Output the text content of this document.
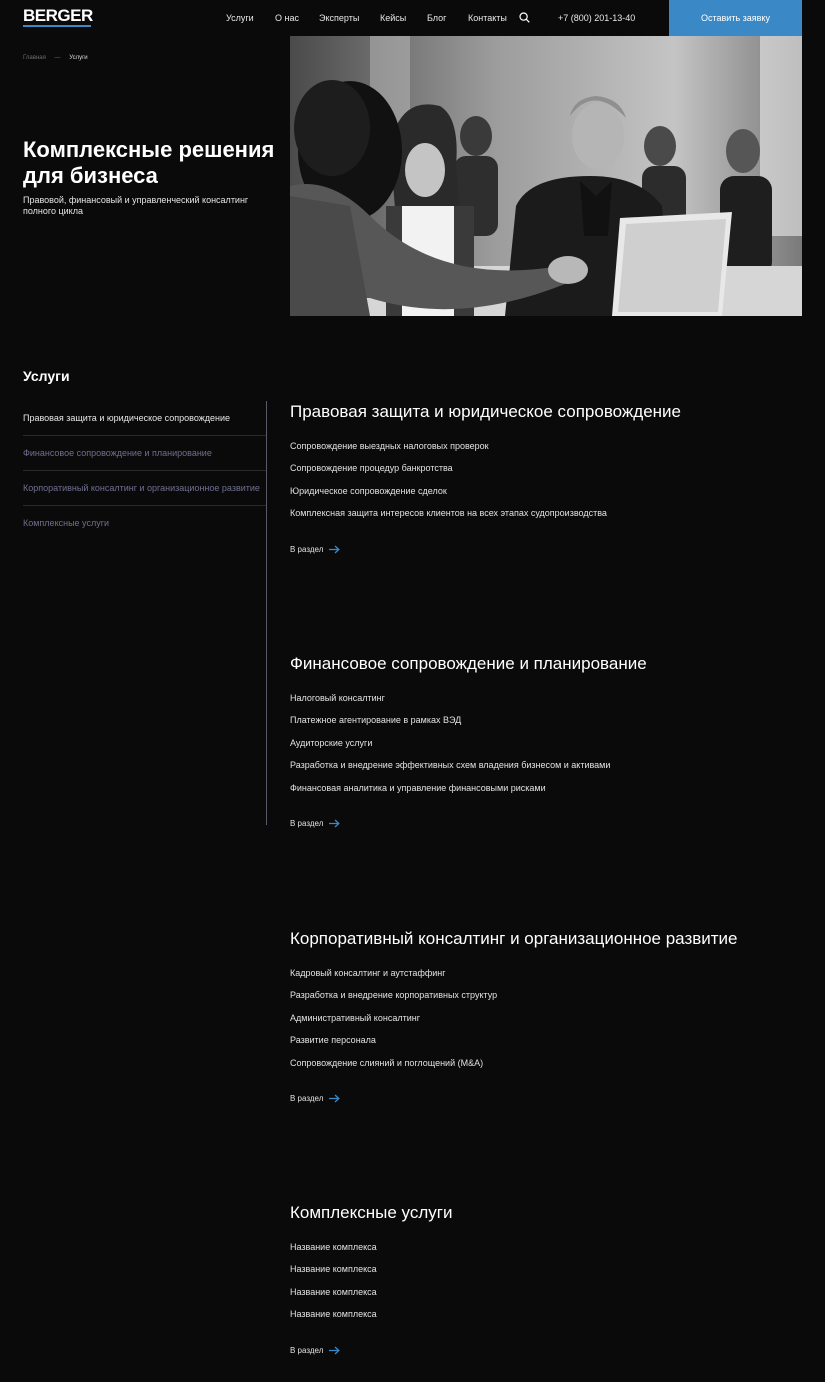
BERGER	Услуги О нас Эксперты Кейсы Блог Контакты	+7 (800) 201-13-40	Оставить заявку
Главная — Услуги
Комплексные решения для бизнеса

Правовой, финансовый и управленческий консалтинг полного цикла

Услуги
Правовая защита и юридическое сопровождение
Финансовое сопровождение и планирование
Корпоративный консалтинг и организационное развитие
Комплексные услуги
Правовая защита и юридическое сопровождение
Сопровождение выездных налоговых проверок
Сопровождение процедур банкротства
Юридическое сопровождение сделок
Комплексная защита интересов клиентов на всех этапах судопроизводства
В раздел
Финансовое сопровождение и планирование
Налоговый консалтинг
Платежное агентирование в рамках ВЭД
Аудиторские услуги
Разработка и внедрение эффективных схем владения бизнесом и активами
Финансовая аналитика и управление финансовыми рисками
В раздел
Корпоративный консалтинг и организационное развитие
Кадровый консалтинг и аутстаффинг
Разработка и внедрение корпоративных структур
Административный консалтинг
Развитие персонала
Сопровождение слияний и поглощений (M&A)
В раздел
Комплексные услуги
Название комплекса
Название комплекса
Название комплекса
Название комплекса
В раздел
